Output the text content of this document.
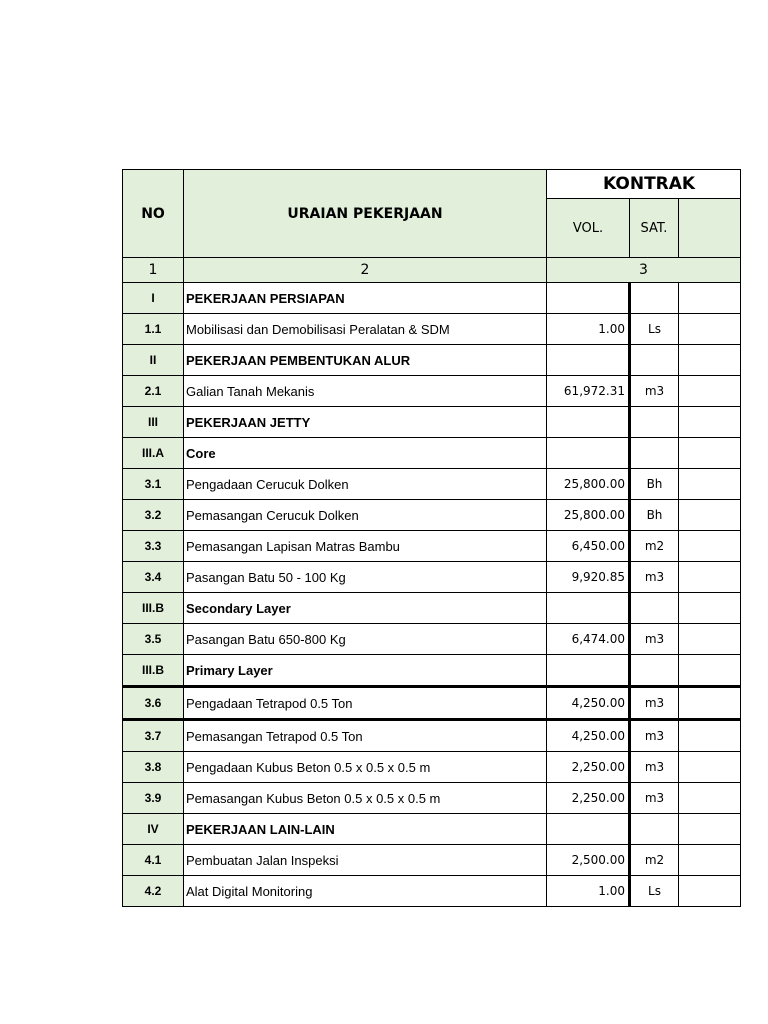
NO	URAIAN PEKERJAAN	KONTRAK		
		VOL.	SAT.	
1	2	3		
I	PEKERJAAN PERSIAPAN			
1.1	Mobilisasi dan Demobilisasi Peralatan & SDM	1.00	Ls	
II	PEKERJAAN PEMBENTUKAN ALUR			
2.1	Galian Tanah Mekanis	61,972.31	m3	
III	PEKERJAAN JETTY			
III.A	Core			
3.1	Pengadaan Cerucuk Dolken	25,800.00	Bh	
3.2	Pemasangan Cerucuk Dolken	25,800.00	Bh	
3.3	Pemasangan Lapisan Matras Bambu	6,450.00	m2	
3.4	Pasangan Batu 50 - 100 Kg	9,920.85	m3	
III.B	Secondary Layer			
3.5	Pasangan Batu 650-800 Kg	6,474.00	m3	
III.B	Primary Layer			
3.6	Pengadaan Tetrapod 0.5 Ton	4,250.00	m3	
3.7	Pemasangan Tetrapod 0.5 Ton	4,250.00	m3	
3.8	Pengadaan Kubus Beton 0.5 x 0.5 x 0.5 m	2,250.00	m3	
3.9	Pemasangan Kubus Beton 0.5 x 0.5 x 0.5 m	2,250.00	m3	
IV	PEKERJAAN LAIN-LAIN			
4.1	Pembuatan Jalan Inspeksi	2,500.00	m2	
4.2	Alat Digital Monitoring	1.00	Ls	
